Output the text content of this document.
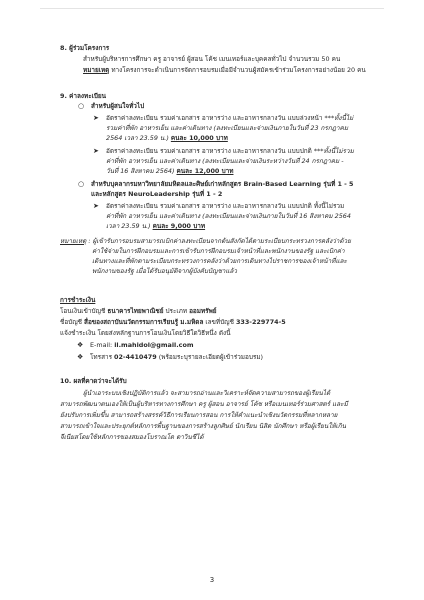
8. ผู้ร่วมโครงการ
สำหรับผู้บริหารการศึกษา ครู อาจารย์ ผู้สอน โค้ช เมนเทอร์และบุคคลทั่วไป จำนวนรวม 50 คน
หมายเหตุ ทางโครงการจะดำเนินการจัดการอบรมเมื่อมีจำนวนผู้สมัครเข้าร่วมโครงการอย่างน้อย 20 คน
9. ค่าลงทะเบียน
○ สำหรับผู้สนใจทั่วไป
➤ อัตราค่าลงทะเบียน รวมค่าเอกสาร อาหารว่าง และอาหารกลางวัน แบบล่วงหน้า ***ทั้งนี้ไม่
รวมค่าที่พัก อาหารเย็น และค่าเดินทาง (ลงทะเบียนและจ่ายเงินภายในวันที่ 23 กรกฎาคม
2564 เวลา 23.59 น.) คนละ 10,000 บาท
➤ อัตราค่าลงทะเบียน รวมค่าเอกสาร อาหารว่าง และอาหารกลางวัน แบบปกติ ***ทั้งนี้ไม่รวม
ค่าที่พัก อาหารเย็น และค่าเดินทาง (ลงทะเบียนและจ่ายเงินระหว่างวันที่ 24 กรกฎาคม -
วันที่ 16 สิงหาคม 2564) คนละ 12,000 บาท
○ สำหรับบุคลากรมหาวิทยาลัยมหิดลและศิษย์เก่าหลักสูตร Brain-Based Learning รุ่นที่ 1 - 5
และหลักสูตร NeuroLeadership รุ่นที่ 1 - 2
➤ อัตราค่าลงทะเบียน รวมค่าเอกสาร อาหารว่าง และอาหารกลางวัน แบบปกติ ทั้งนี้ไม่รวม
ค่าที่พัก อาหารเย็น และค่าเดินทาง (ลงทะเบียนและจ่ายเงินภายในวันที่ 16 สิงหาคม 2564
เวลา 23.59 น.) คนละ 9,000 บาท
หมายเหตุ : ผู้เข้ารับการอบรมสามารถเบิกค่าลงทะเบียนจากต้นสังกัดได้ตามระเบียบกระทรวงการคลังว่าด้วย
ค่าใช้จ่ายในการฝึกอบรมและการเข้ารับการฝึกอบรมเจ้าหน้าที่และพนักงานของรัฐ และเบิกค่า
เดินทางและที่พักตามระเบียบกระทรวงการคลังว่าด้วยการเดินทางไปราชการของเจ้าหน้าที่และ
พนักงานของรัฐ เมื่อได้รับอนุมัติจากผู้บังคับบัญชาแล้ว
การชำระเงิน
โอนเงินเข้าบัญชี ธนาคารไทยพาณิชย์ ประเภท ออมทรัพย์
ชื่อบัญชี สื่อของสถาบันนวัตกรรมการเรียนรู้ ม.มหิดล เลขที่บัญชี 333-229774-5
แจ้งชำระเงิน โดยส่งหลักฐานการโอนเงินโดยวิธีใดวิธีหนึ่ง ดังนี้
❖ E-mail: il.mahidol@gmail.com
❖ โทรสาร 02-4410479 (พร้อมระบุรายละเอียดผู้เข้าร่วมอบรม)
10. ผลที่คาดว่าจะได้รับ
ผู้นำเอาระบบเชิงปฏิบัติการแล้ว จะสามารถอ่านและวิเคราะห์จัดความสามารถของผู้เรียนได้
สามารถพัฒนาตนเองให้เป็นผู้บริหารทางการศึกษา ครู ผู้สอน อาจารย์ โค้ช หรือเมนเทอร์ร่วมศาสตร์ และมี
ยังปรับการเพิ่มขึ้น สามารถสร้างสรรค์วิธีการเรียนการสอน การให้คำแนะนำเชิงนวัตกรรมที่หลากหลาย
สามารถเข้าใจและประยุกต์หลักการพื้นฐานของการสร้างลูกศิษย์ นักเรียน นิสิต นักศึกษา หรือผู้เรียนให้เกิน
จีเนียสโดยใช้หลักการของสมองโบราณโด ตาวินชีได้
3
